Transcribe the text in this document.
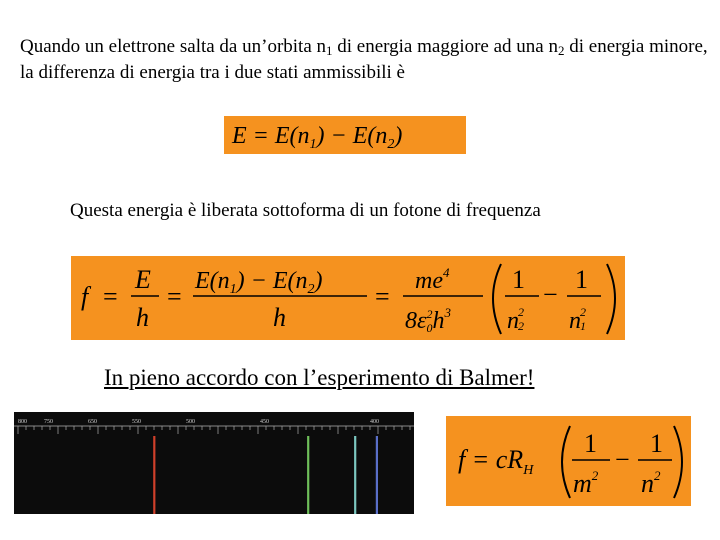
Quando un elettrone salta da un’orbita $n_1$ di energia maggiore ad una $n_2$ di energia minore, la differenza di energia tra i due stati ammissibili è
$E = E(n_1) - E(n_2)$
Questa energia è liberata sottoforma di un fotone di frequenza
f =
E
h
=
$E(n_1) - E(n_2)$
h
=
$me^4$
$8\varepsilon 02h^3$
1
n2 2
−
1
n2 1
In pieno accordo con l’esperimento di Balmer!
800	750	650	550	500	450	400
$f = cR_H$
1
$m^2$
−
1
$n^2$
